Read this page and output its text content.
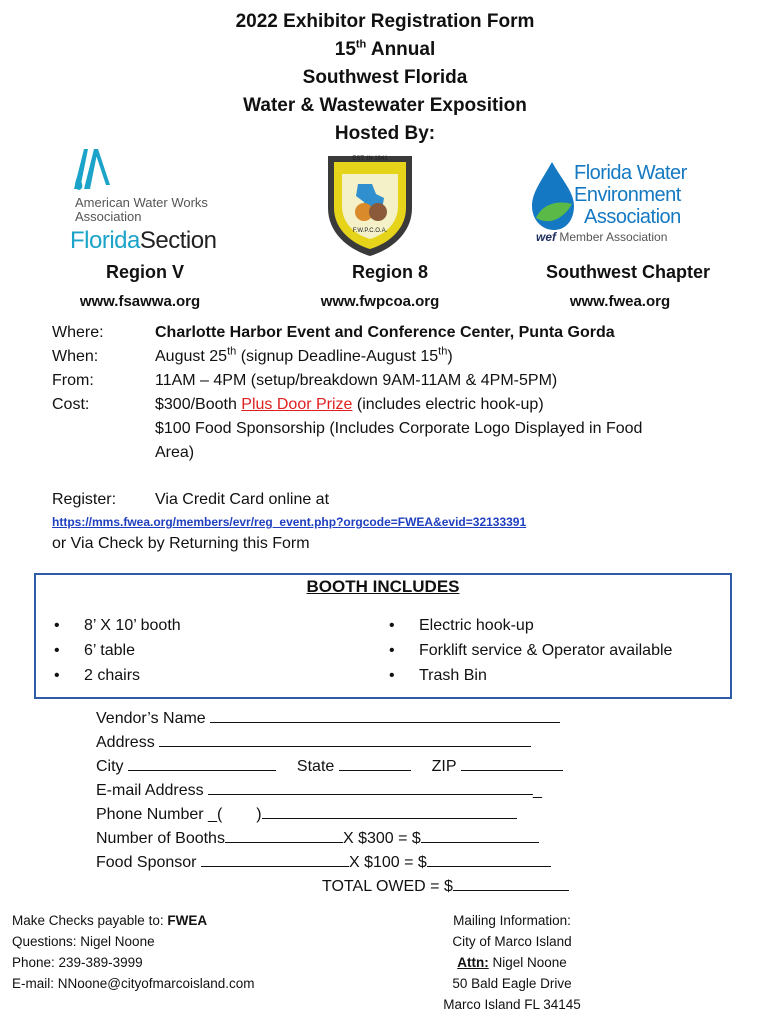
2022 Exhibitor Registration Form
15th Annual
Southwest Florida
Water & Wastewater Exposition
Hosted By:
American Water Works
Association
FloridaSection
EST. IN 1941
F.W.P.C.O.A.
Florida Water
Environment
Association
wef Member Association
Region V	Region 8	Southwest Chapter
www.fsawwa.org	www.fwpcoa.org	www.fwea.org
Where:	Charlotte Harbor Event and Conference Center, Punta Gorda
When:	August 25th (signup Deadline-August 15th)
From:	11AM – 4PM (setup/breakdown 9AM-11AM & 4PM-5PM)
Cost:	$300/Booth Plus Door Prize (includes electric hook-up)
$100 Food Sponsorship (Includes Corporate Logo Displayed in Food
Area)
Register: Via Credit Card online at
https://mms.fwea.org/members/evr/reg_event.php?orgcode=FWEA&evid=32133391
or Via Check by Returning this Form
BOOTH INCLUDES
• 8’ X 10’ booth
• 6’ table
• 2 chairs
• Electric hook-up
• Forklift service & Operator available
• Trash Bin
Vendor’s Name
Address
City	State	ZIP
E-mail Address	_
Phone Number _( )
Number of Booths	X $300 = $
Food Sponsor	X $100 = $
TOTAL OWED = $
Make Checks payable to: FWEA
Questions: Nigel Noone
Phone: 239-389-3999
E-mail: NNoone@cityofmarcoisland.com
Mailing Information:
City of Marco Island
Attn: Nigel Noone
50 Bald Eagle Drive
Marco Island FL 34145
